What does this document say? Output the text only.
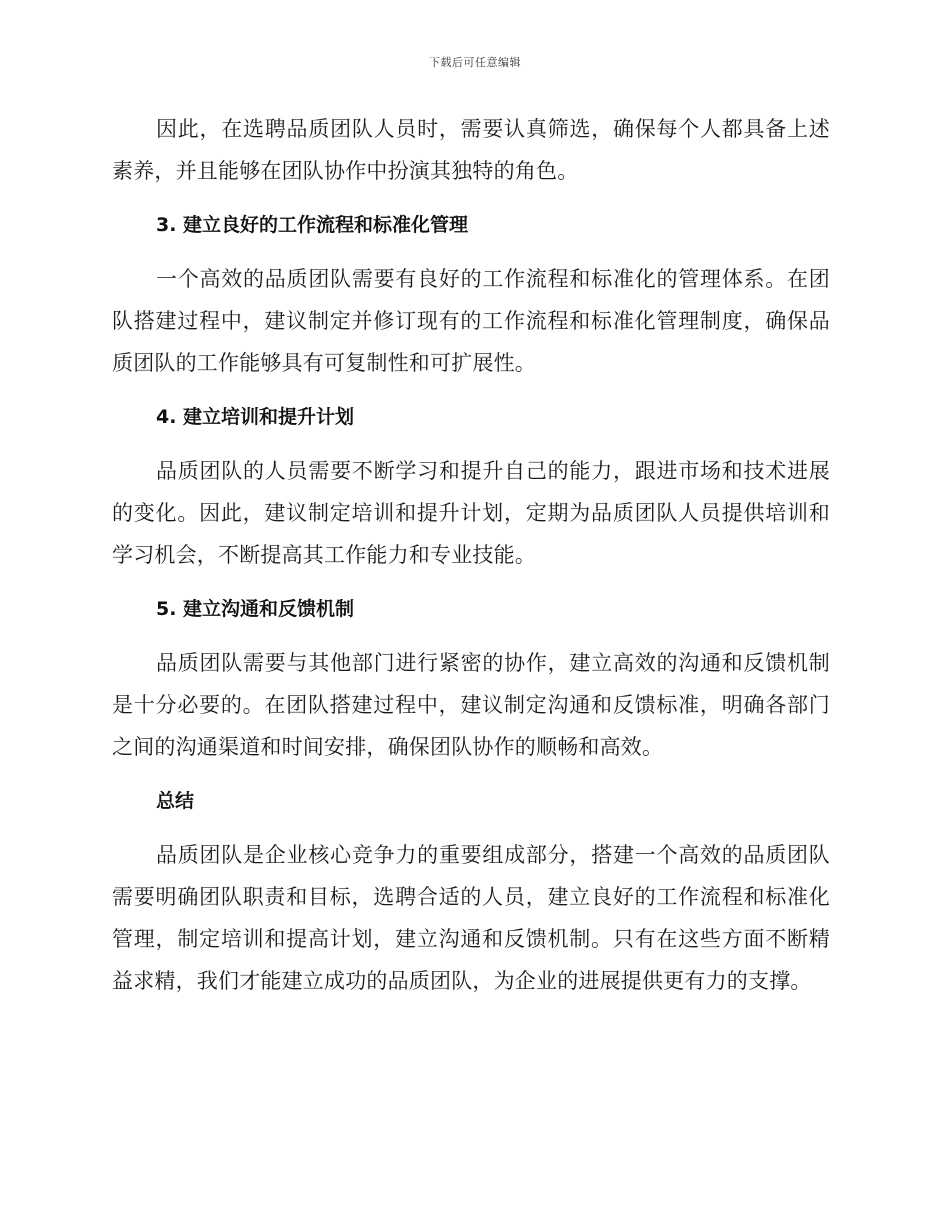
下载后可任意编辑

因此，在选聘品质团队人员时，需要认真筛选，确保每个人都具备上述素养，并且能够在团队协作中扮演其独特的角色。

3. 建立良好的工作流程和标准化管理

一个高效的品质团队需要有良好的工作流程和标准化的管理体系。在团队搭建过程中，建议制定并修订现有的工作流程和标准化管理制度，确保品质团队的工作能够具有可复制性和可扩展性。

4. 建立培训和提升计划

品质团队的人员需要不断学习和提升自己的能力，跟进市场和技术进展的变化。因此，建议制定培训和提升计划，定期为品质团队人员提供培训和学习机会，不断提高其工作能力和专业技能。

5. 建立沟通和反馈机制

品质团队需要与其他部门进行紧密的协作，建立高效的沟通和反馈机制是十分必要的。在团队搭建过程中，建议制定沟通和反馈标准，明确各部门之间的沟通渠道和时间安排，确保团队协作的顺畅和高效。

总结

品质团队是企业核心竞争力的重要组成部分，搭建一个高效的品质团队需要明确团队职责和目标，选聘合适的人员，建立良好的工作流程和标准化管理，制定培训和提高计划，建立沟通和反馈机制。只有在这些方面不断精益求精，我们才能建立成功的品质团队，为企业的进展提供更有力的支撑。
